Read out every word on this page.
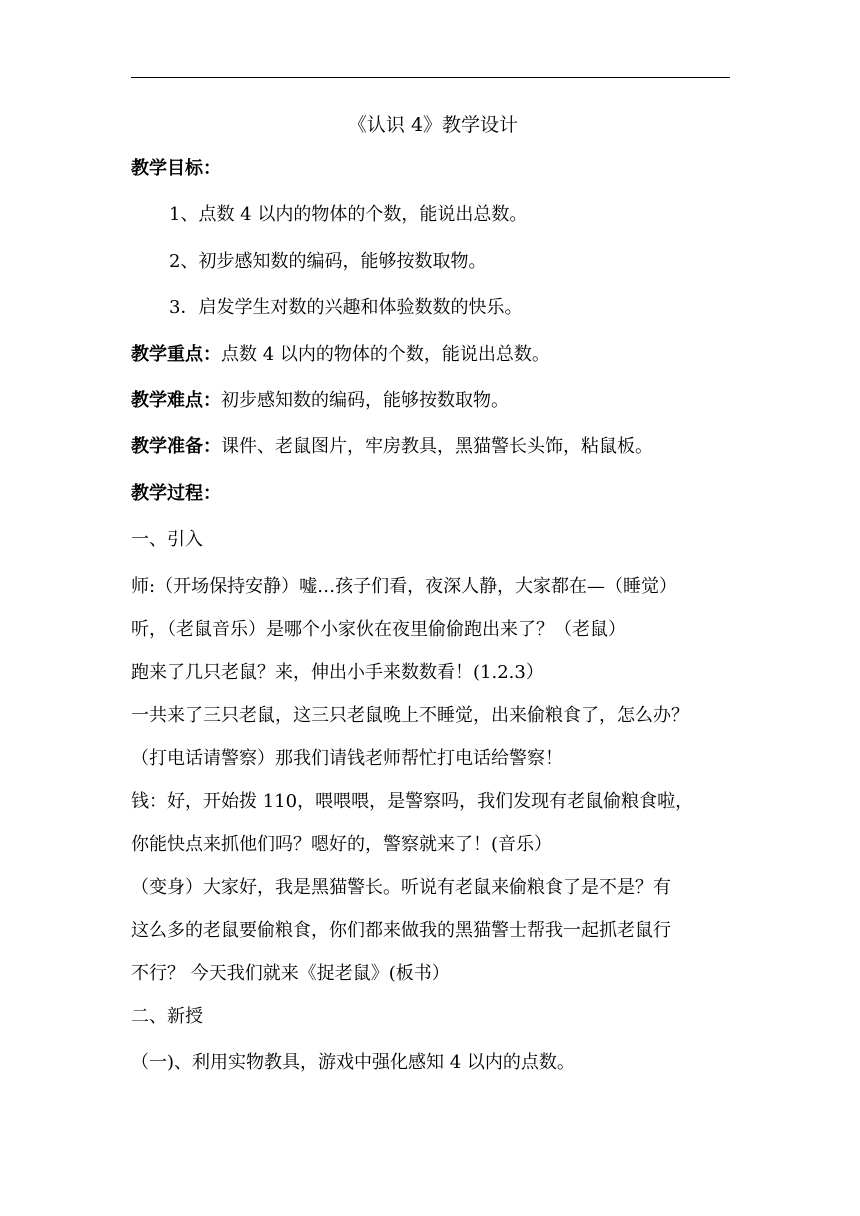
《认识 4》教学设计
教学目标：
1、点数 4 以内的物体的个数，能说出总数。
2、初步感知数的编码，能够按数取物。
3．启发学生对数的兴趣和体验数数的快乐。
教学重点：点数 4 以内的物体的个数，能说出总数。
教学难点：初步感知数的编码，能够按数取物。
教学准备：课件、老鼠图片，牢房教具，黑猫警长头饰，粘鼠板。
教学过程：
一、引入
师:（开场保持安静）嘘…孩子们看，夜深人静，大家都在—（睡觉）
听，（老鼠音乐）是哪个小家伙在夜里偷偷跑出来了？（老鼠）
跑来了几只老鼠？来，伸出小手来数数看！(1.2.3）
一共来了三只老鼠，这三只老鼠晚上不睡觉，出来偷粮食了，怎么办？
（打电话请警察）那我们请钱老师帮忙打电话给警察！
钱：好，开始拨 110，喂喂喂，是警察吗，我们发现有老鼠偷粮食啦，
你能快点来抓他们吗？嗯好的，警察就来了！(音乐）
（变身）大家好，我是黑猫警长。听说有老鼠来偷粮食了是不是？有
这么多的老鼠要偷粮食，你们都来做我的黑猫警士帮我一起抓老鼠行
不行？ 今天我们就来《捉老鼠》(板书）
二、新授
（一)、利用实物教具，游戏中强化感知 4 以内的点数。
